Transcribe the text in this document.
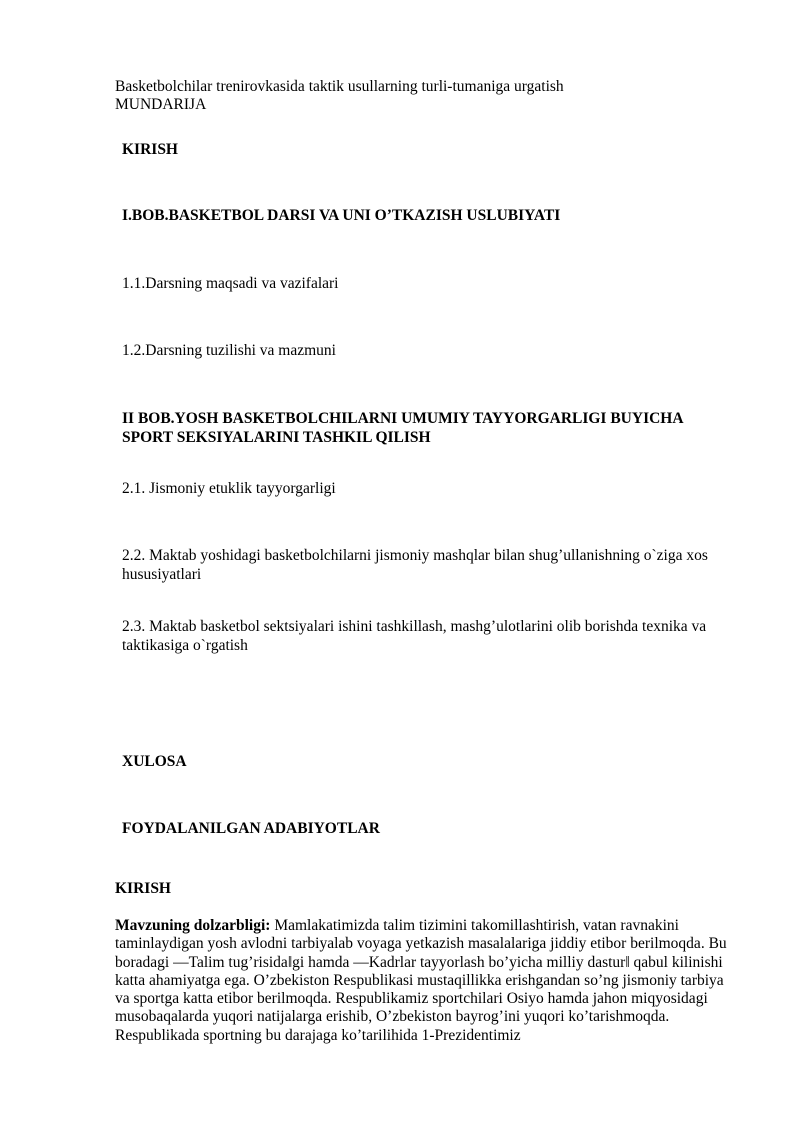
Basketbolchilar trenirovkasida taktik usullarning turli-tumaniga urgatish

MUNDARIJA

KIRISH

I.BOB.BASKETBOL DARSI VA UNI O’TKAZISH USLUBIYATI

1.1.Darsning maqsadi va vazifalari

1.2.Darsning tuzilishi va mazmuni

II BOB.YOSH BASKETBOLCHILARNI UMUMIY TAYYORGARLIGI BUYICHA SPORT SEKSIYALARINI TASHKIL QILISH

2.1. Jismoniy etuklik tayyorgarligi

2.2. Maktab yoshidagi basketbolchilarni jismoniy mashqlar bilan shug’ullanishning o`ziga xos hususiyatlari

2.3. Maktab basketbol sektsiyalari ishini tashkillash, mashg’ulotlarini olib borishda texnika va taktikasiga o`rgatish

XULOSA

FOYDALANILGAN ADABIYOTLAR

KIRISH

Mavzuning dolzarbligi: Mamlakatimizda talim tizimini takomillashtirish, vatan ravnakini taminlaydigan yosh avlodni tarbiyalab voyaga yetkazish masalalariga jiddiy etibor berilmoqda. Bu boradagi ―Talim tug’risida‖gi hamda ―Kadrlar tayyorlash bo’yicha milliy dastur‖ qabul kilinishi katta ahamiyatga ega. O’zbekiston Respublikasi mustaqillikka erishgandan so’ng jismoniy tarbiya va sportga katta etibor berilmoqda. Respublikamiz sportchilari Osiyo hamda jahon miqyosidagi musobaqalarda yuqori natijalarga erishib, O’zbekiston bayrog’ini yuqori ko’tarishmoqda. Respublikada sportning bu darajaga ko’tarilihida 1-Prezidentimiz
